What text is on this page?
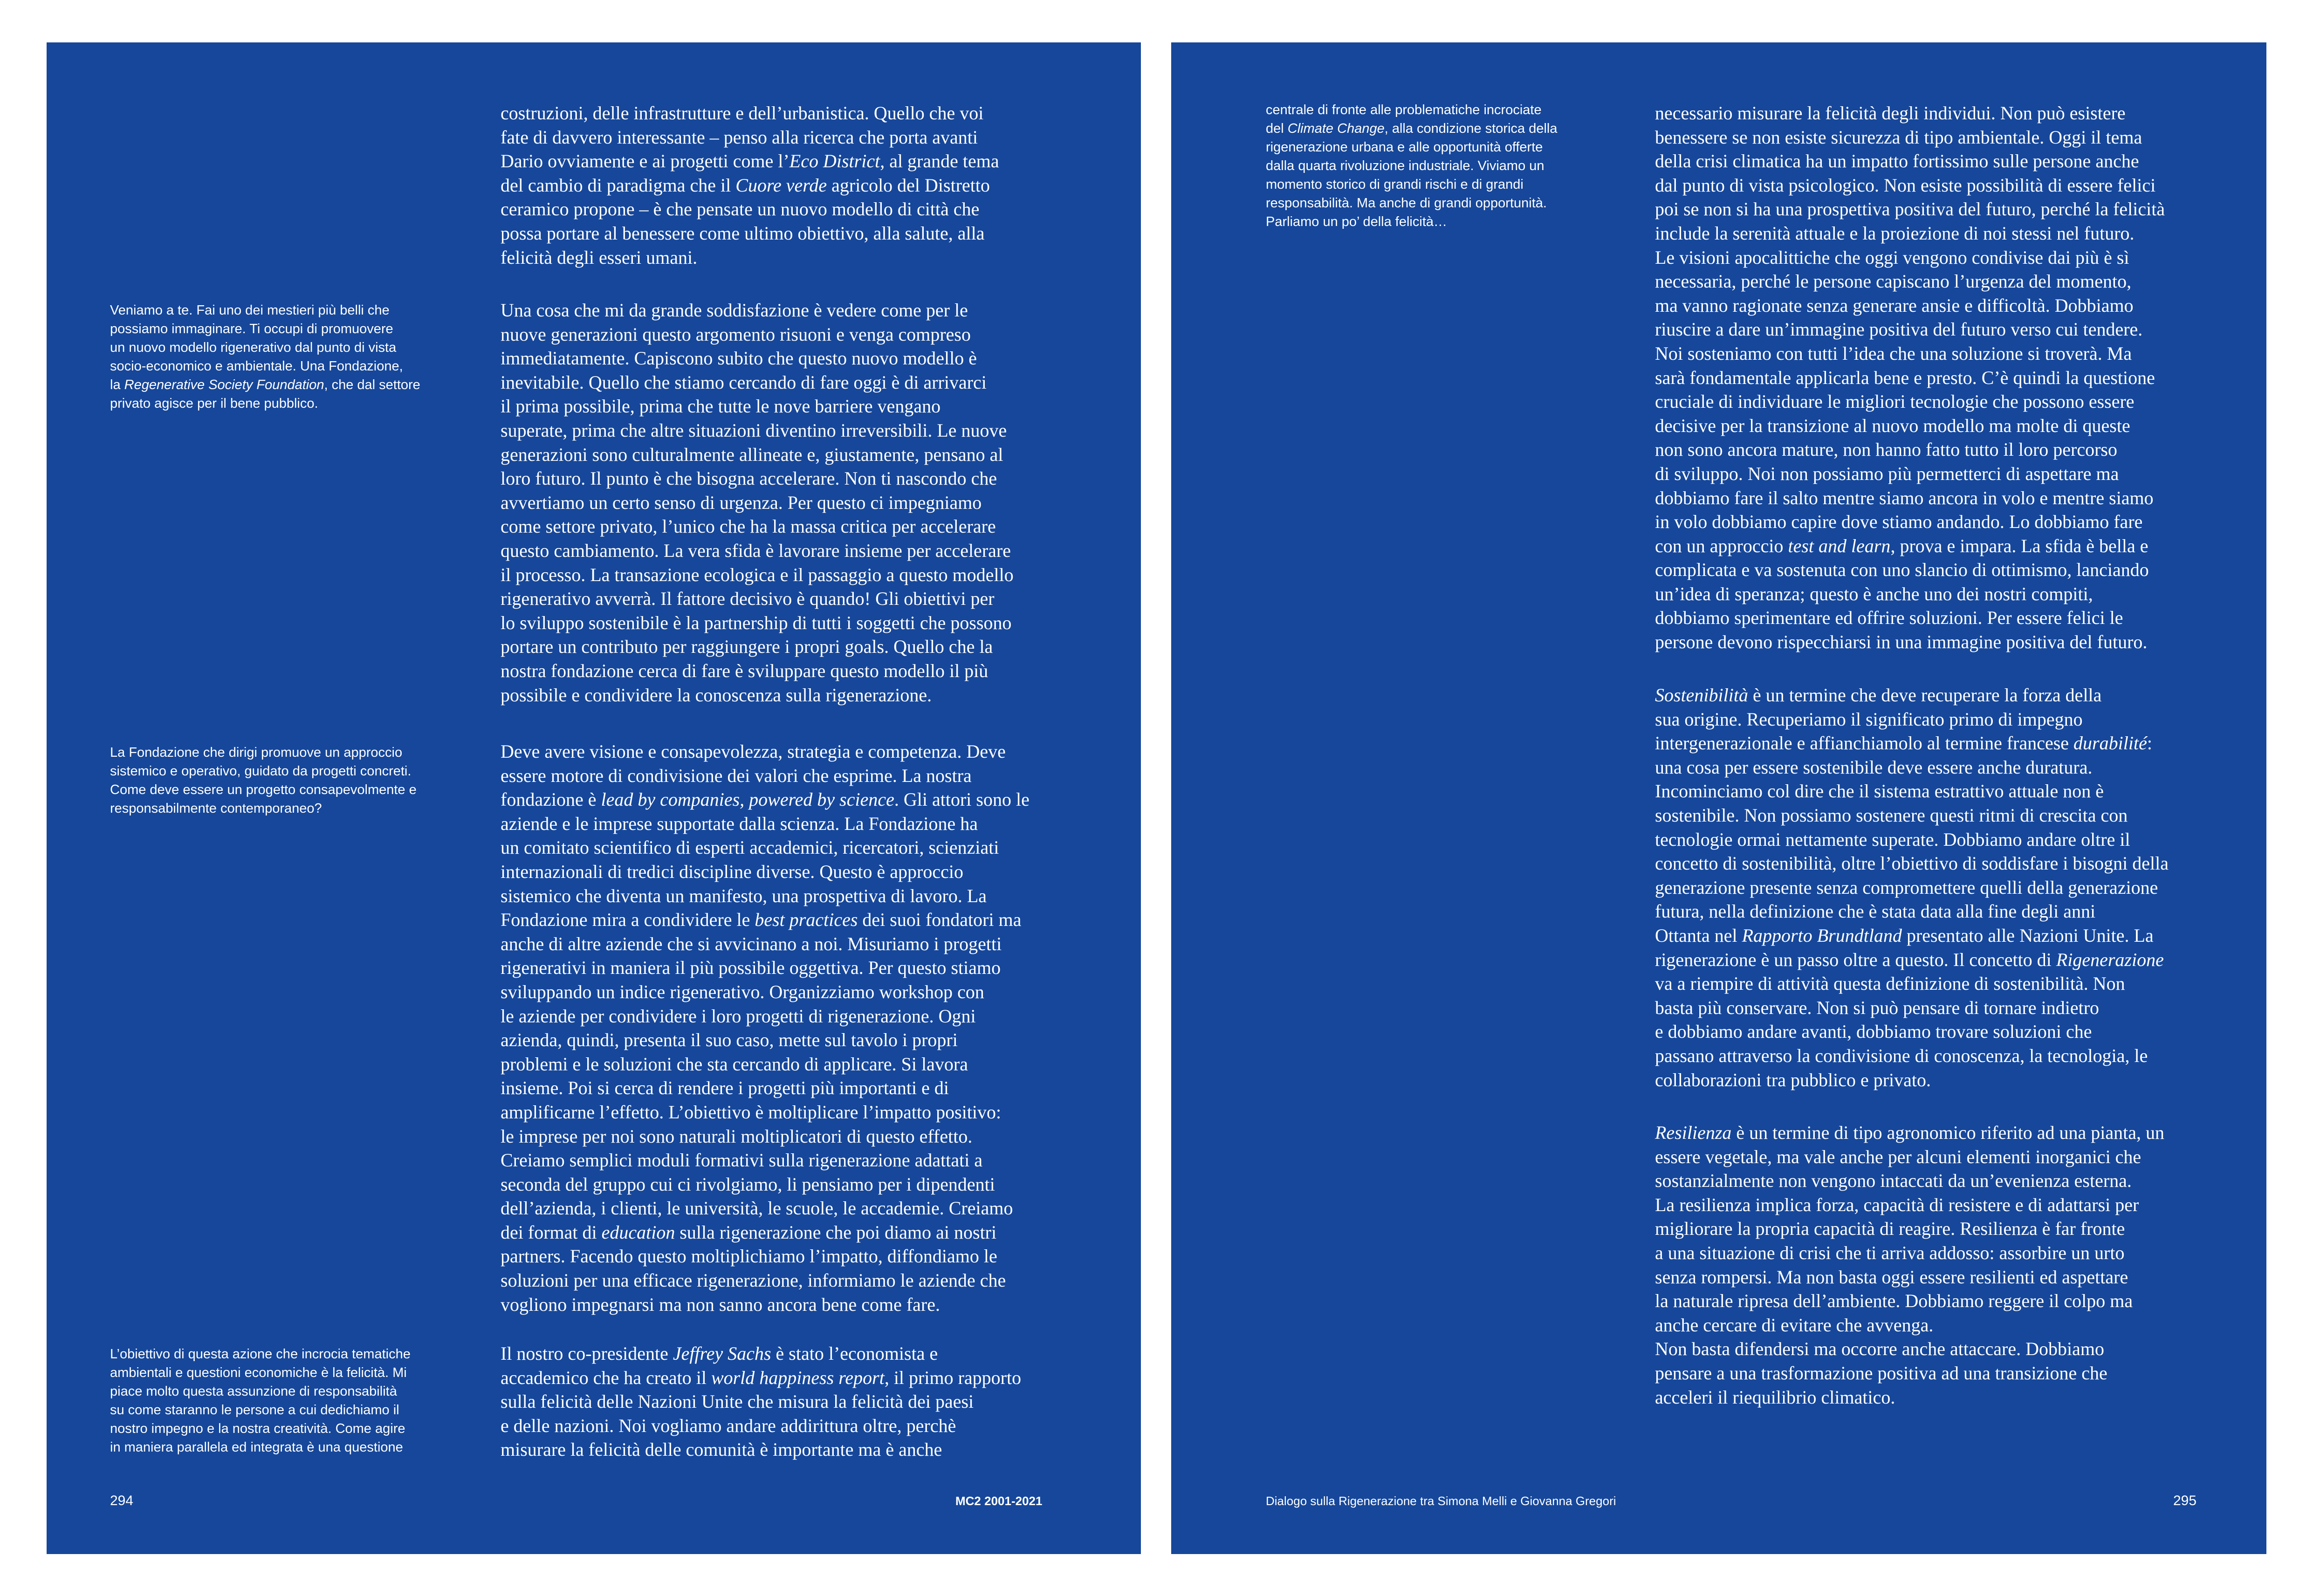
Veniamo a te. Fai uno dei mestieri più belli che
possiamo immaginare. Ti occupi di promuovere
un nuovo modello rigenerativo dal punto di vista
socio-economico e ambientale. Una Fondazione,
la Regenerative Society Foundation, che dal settore
privato agisce per il bene pubblico.
La Fondazione che dirigi promuove un approccio
sistemico e operativo, guidato da progetti concreti.
Come deve essere un progetto consapevolmente e
responsabilmente contemporaneo?
L’obiettivo di questa azione che incrocia tematiche
ambientali e questioni economiche è la felicità. Mi
piace molto questa assunzione di responsabilità
su come staranno le persone a cui dedichiamo il
nostro impegno e la nostra creatività. Come agire
in maniera parallela ed integrata è una questione
costruzioni, delle infrastrutture e dell’urbanistica. Quello che voi
fate di davvero interessante – penso alla ricerca che porta avanti
Dario ovviamente e ai progetti come l’Eco District, al grande tema
del cambio di paradigma che il Cuore verde agricolo del Distretto
ceramico propone – è che pensate un nuovo modello di città che
possa portare al benessere come ultimo obiettivo, alla salute, alla
felicità degli esseri umani.
Una cosa che mi da grande soddisfazione è vedere come per le
nuove generazioni questo argomento risuoni e venga compreso
immediatamente. Capiscono subito che questo nuovo modello è
inevitabile. Quello che stiamo cercando di fare oggi è di arrivarci
il prima possibile, prima che tutte le nove barriere vengano
superate, prima che altre situazioni diventino irreversibili. Le nuove
generazioni sono culturalmente allineate e, giustamente, pensano al
loro futuro. Il punto è che bisogna accelerare. Non ti nascondo che
avvertiamo un certo senso di urgenza. Per questo ci impegniamo
come settore privato, l’unico che ha la massa critica per accelerare
questo cambiamento. La vera sfida è lavorare insieme per accelerare
il processo. La transazione ecologica e il passaggio a questo modello
rigenerativo avverrà. Il fattore decisivo è quando! Gli obiettivi per
lo sviluppo sostenibile è la partnership di tutti i soggetti che possono
portare un contributo per raggiungere i propri goals. Quello che la
nostra fondazione cerca di fare è sviluppare questo modello il più
possibile e condividere la conoscenza sulla rigenerazione.
Deve avere visione e consapevolezza, strategia e competenza. Deve
essere motore di condivisione dei valori che esprime. La nostra
fondazione è lead by companies, powered by science. Gli attori sono le
aziende e le imprese supportate dalla scienza. La Fondazione ha
un comitato scientifico di esperti accademici, ricercatori, scienziati
internazionali di tredici discipline diverse. Questo è approccio
sistemico che diventa un manifesto, una prospettiva di lavoro. La
Fondazione mira a condividere le best practices dei suoi fondatori ma
anche di altre aziende che si avvicinano a noi. Misuriamo i progetti
rigenerativi in maniera il più possibile oggettiva. Per questo stiamo
sviluppando un indice rigenerativo. Organizziamo workshop con
le aziende per condividere i loro progetti di rigenerazione. Ogni
azienda, quindi, presenta il suo caso, mette sul tavolo i propri
problemi e le soluzioni che sta cercando di applicare. Si lavora
insieme. Poi si cerca di rendere i progetti più importanti e di
amplificarne l’effetto. L’obiettivo è moltiplicare l’impatto positivo:
le imprese per noi sono naturali moltiplicatori di questo effetto.
Creiamo semplici moduli formativi sulla rigenerazione adattati a
seconda del gruppo cui ci rivolgiamo, li pensiamo per i dipendenti
dell’azienda, i clienti, le università, le scuole, le accademie. Creiamo
dei format di education sulla rigenerazione che poi diamo ai nostri
partners. Facendo questo moltiplichiamo l’impatto, diffondiamo le
soluzioni per una efficace rigenerazione, informiamo le aziende che
vogliono impegnarsi ma non sanno ancora bene come fare.
Il nostro co-presidente Jeffrey Sachs è stato l’economista e
accademico che ha creato il world happiness report, il primo rapporto
sulla felicità delle Nazioni Unite che misura la felicità dei paesi
e delle nazioni. Noi vogliamo andare addirittura oltre, perchè
misurare la felicità delle comunità è importante ma è anche

294	MC2 2001-2021

centrale di fronte alle problematiche incrociate
del Climate Change, alla condizione storica della
rigenerazione urbana e alle opportunità offerte
dalla quarta rivoluzione industriale. Viviamo un
momento storico di grandi rischi e di grandi
responsabilità. Ma anche di grandi opportunità.
Parliamo un po’ della felicità…
necessario misurare la felicità degli individui. Non può esistere
benessere se non esiste sicurezza di tipo ambientale. Oggi il tema
della crisi climatica ha un impatto fortissimo sulle persone anche
dal punto di vista psicologico. Non esiste possibilità di essere felici
poi se non si ha una prospettiva positiva del futuro, perché la felicità
include la serenità attuale e la proiezione di noi stessi nel futuro.
Le visioni apocalittiche che oggi vengono condivise dai più è sì
necessaria, perché le persone capiscano l’urgenza del momento,
ma vanno ragionate senza generare ansie e difficoltà. Dobbiamo
riuscire a dare un’immagine positiva del futuro verso cui tendere.
Noi sosteniamo con tutti l’idea che una soluzione si troverà. Ma
sarà fondamentale applicarla bene e presto. C’è quindi la questione
cruciale di individuare le migliori tecnologie che possono essere
decisive per la transizione al nuovo modello ma molte di queste
non sono ancora mature, non hanno fatto tutto il loro percorso
di sviluppo. Noi non possiamo più permetterci di aspettare ma
dobbiamo fare il salto mentre siamo ancora in volo e mentre siamo
in volo dobbiamo capire dove stiamo andando. Lo dobbiamo fare
con un approccio test and learn, prova e impara. La sfida è bella e
complicata e va sostenuta con uno slancio di ottimismo, lanciando
un’idea di speranza; questo è anche uno dei nostri compiti,
dobbiamo sperimentare ed offrire soluzioni. Per essere felici le
persone devono rispecchiarsi in una immagine positiva del futuro.
Sostenibilità è un termine che deve recuperare la forza della
sua origine. Recuperiamo il significato primo di impegno
intergenerazionale e affianchiamolo al termine francese durabilité:
una cosa per essere sostenibile deve essere anche duratura.
Incominciamo col dire che il sistema estrattivo attuale non è
sostenibile. Non possiamo sostenere questi ritmi di crescita con
tecnologie ormai nettamente superate. Dobbiamo andare oltre il
concetto di sostenibilità, oltre l’obiettivo di soddisfare i bisogni della
generazione presente senza compromettere quelli della generazione
futura, nella definizione che è stata data alla fine degli anni
Ottanta nel Rapporto Brundtland presentato alle Nazioni Unite. La
rigenerazione è un passo oltre a questo. Il concetto di Rigenerazione
va a riempire di attività questa definizione di sostenibilità. Non
basta più conservare. Non si può pensare di tornare indietro
e dobbiamo andare avanti, dobbiamo trovare soluzioni che
passano attraverso la condivisione di conoscenza, la tecnologia, le
collaborazioni tra pubblico e privato.
Resilienza è un termine di tipo agronomico riferito ad una pianta, un
essere vegetale, ma vale anche per alcuni elementi inorganici che
sostanzialmente non vengono intaccati da un’evenienza esterna.
La resilienza implica forza, capacità di resistere e di adattarsi per
migliorare la propria capacità di reagire. Resilienza è far fronte
a una situazione di crisi che ti arriva addosso: assorbire un urto
senza rompersi. Ma non basta oggi essere resilienti ed aspettare
la naturale ripresa dell’ambiente. Dobbiamo reggere il colpo ma
anche cercare di evitare che avvenga.
Non basta difendersi ma occorre anche attaccare. Dobbiamo
pensare a una trasformazione positiva ad una transizione che
acceleri il riequilibrio climatico.

Dialogo sulla Rigenerazione tra Simona Melli e Giovanna Gregori	295
